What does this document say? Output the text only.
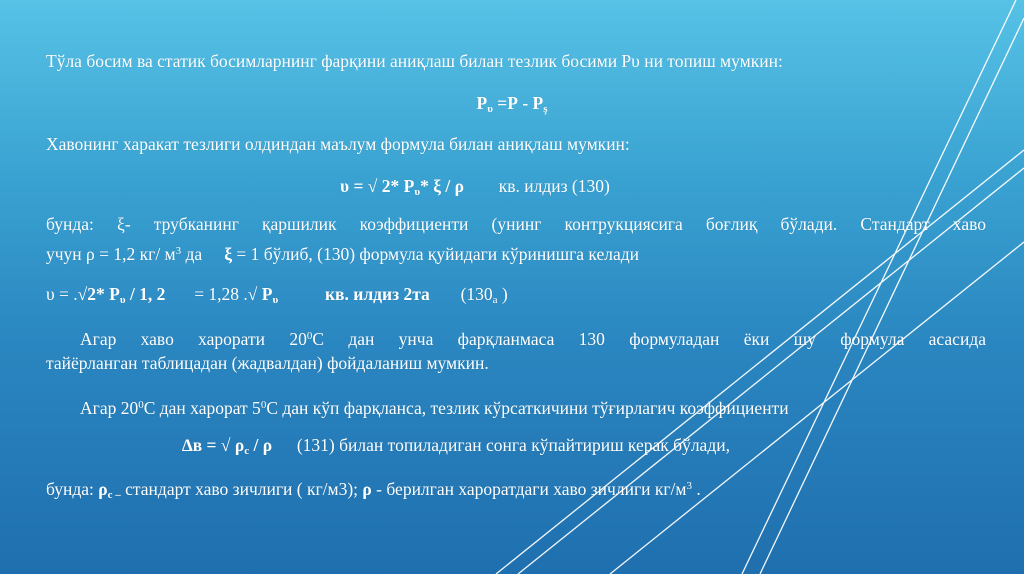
Тўла босим ва статик босимларнинг фарқини аниқлаш билан тезлик босими Рυ ни топиш мумкин:
$Р_\upsilon =Р - Р_ş$
Хавонинг харакат тезлиги олдиндан маълум формула билан аниқлаш мумкин:
υ = √ 2* $Р_\upsilon*$ ξ / ρ кв. илдиз (130)
бунда: ξ- трубканинг қаршилик коэффициенти (унинг контрукциясига боғлиқ бўлади. Стандарт хаво
учун ρ = 1,2 кг/ $м^3$ да ξ = 1 бўлиб, (130) формула қуйидаги кўринишга келади
υ = .√2* $Р_\upsilon / 1$, 2 = 1,28 .√ $Р_\upsilon$	кв. илдиз 2та ($130_a$ )
Агар хаво харорати $20^0С$ дан унча фарқланмаса 130 формуладан ёки шу формула асасида
тайёрланган таблицадан (жадвалдан) фойдаланиш мумкин.
Агар $20^0С$ дан харорат $5^0С$ дан кўп фарқланса, тезлик кўрсаткичини тўғирлагич коэффициенти
∆в = √ $\rho_с$ / ρ (131) билан топиладиган сонга кўпайтириш керак бўлади,
бунда: $\rho_{с -}$ стандарт хаво зичлиги ( кг/м3); ρ - берилган хароратдаги хаво зичлиги $кг/м^3$ .
